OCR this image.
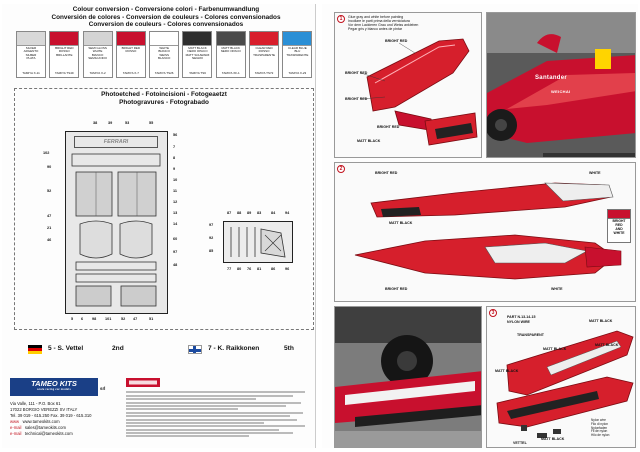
Colour conversion - Conversione colori - Farbenumwandlung
Conversión de colores - Conversion de couleurs - Colores convensionados
Conversion de couleurs - Colores convensionados
SILVER
ARGENTO
SILBER
PLATA
TAMIYA X-11
BRIGHT RED
ROSSO
BRILLANTE
TAMIYA TS49
SEMI GLOSS
WHITE
BIANCO
SEMILUCIDO
TAMIYA X-2
BRIGHT RED
ROSSO
TAMIYA X-7
WHITE
BIANCO
WEISS
BLANCO
TAMIYA TS26
MATT BLACK
NERO OPACO
MATT SCHWARZ
NEGRO
TAMIYA TS6
MATT BLACK
NERO OPACO
TAMIYA XF-1
CLEAR RED
ROSSO
TRASPARENTE
TAMIYA TS72
CLEAR BLUE
BLU
TRASPARENTE
TAMIYA X-23
Photoetched - Fotoincisioni - Fotogeaetzt
Photogravures - Fotograbado
FERRARI
38	39	53	55
102
90
52
47
21
46
56
7
8
9
10
11
12
13
14
60
97
48
5 6 98 101	52 47	51
87 88 89 83	84	94
97
92
85
77 80 76 81	86	96
5 - S. Vettel	2nd	7 - K. Raikkonen	5th
TAMEO KITS
scale racing car models	srl
Via Valle, 111 - P.O. Box 61
17022 BORGIO VEREZZI SV ITALY
Tel. 39 019 - 615.250 Fax. 39 019 - 615.310
www www.tameokits.com
e-mail sales@tameokits.com
e-mail technical@tameokits.com
1	Glue gray and white before painting
Incollare le parti prima della verniciatura
Vor dem Lackieren Grau und Weiss ankleben
Pegar gris y blanco antes de pintar
BRIGHT RED
BRIGHT RED
BRIGHT RED
BRIGHT RED
MATT BLACK
Santander
WEICHAI
2
BRIGHT RED	WHITE
MATT BLACK
BRIGHT RED	WHITE
BRIGHT
RED
AND
WHITE
Santander
3
PART N.13-14-15
NYLON WIRE
TRANSPARENT
MATT BLACK
MATT BLACK
MATT BLACK
MATT BLACK
MATT BLACK
VETTEL
Nylon wire
Filo di nylon
Nylonfaden
Fil de nylon
Hilo de nylon
